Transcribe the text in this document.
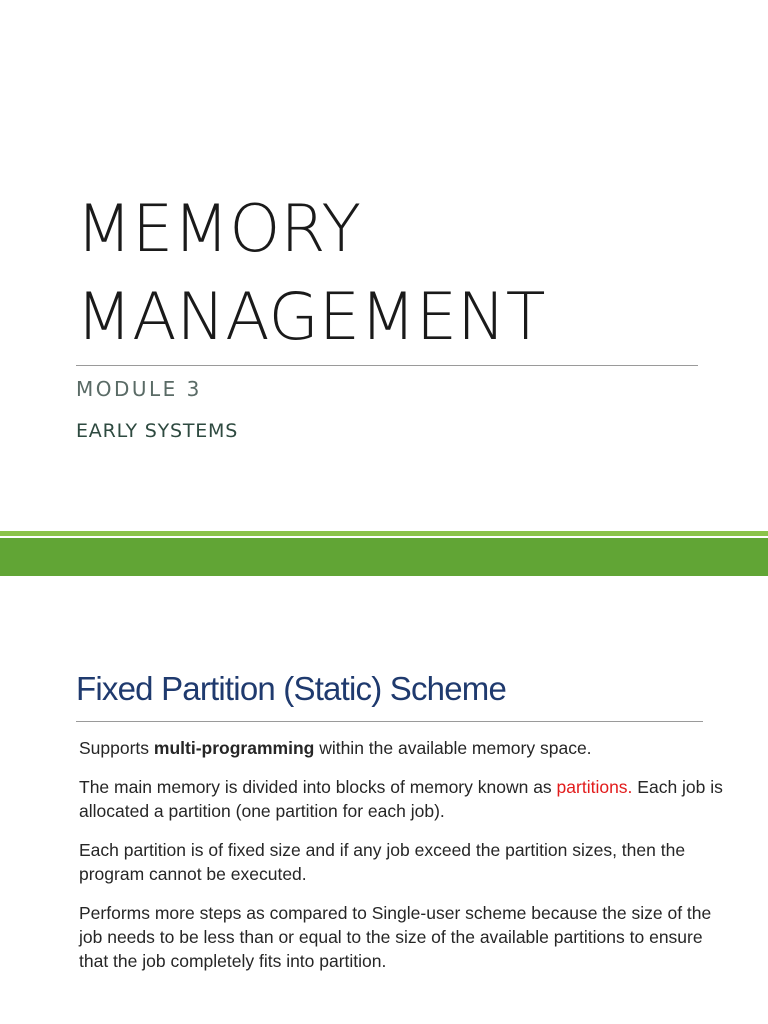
MEMORY
MANAGEMENT

MODULE 3

EARLY SYSTEMS

Fixed Partition (Static) Scheme

Supports multi-programming within the available memory space.

The main memory is divided into blocks of memory known as partitions. Each job is allocated a partition (one partition for each job).

Each partition is of fixed size and if any job exceed the partition sizes, then the program cannot be executed.

Performs more steps as compared to Single-user scheme because the size of the job needs to be less than or equal to the size of the available partitions to ensure that the job completely fits into partition.
